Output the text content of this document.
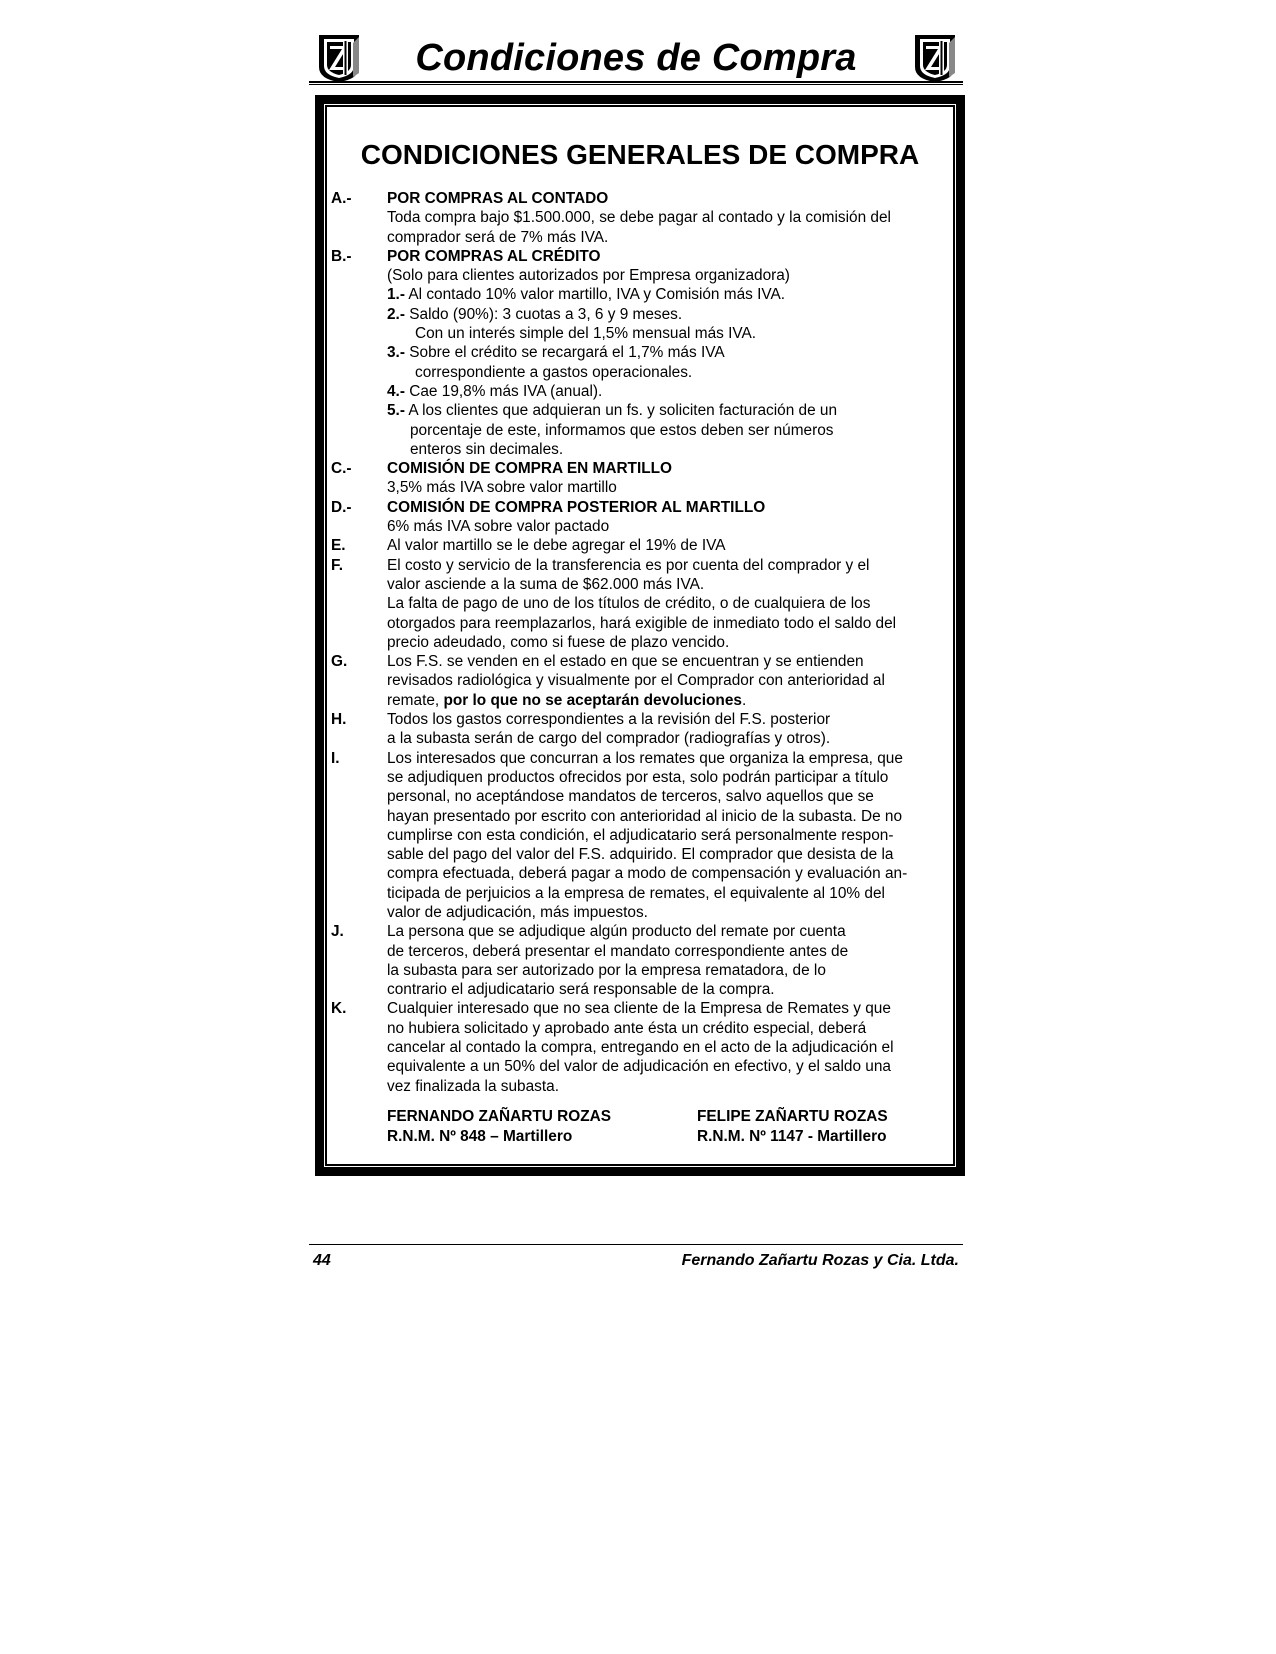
Condiciones de Compra
CONDICIONES GENERALES DE COMPRA
A.-	POR COMPRAS AL CONTADO
Toda compra bajo $1.500.000, se debe pagar al contado y la comisión del
comprador será de 7% más IVA.
B.-	POR COMPRAS AL CRÉDITO
(Solo para clientes autorizados por Empresa organizadora)
1.- Al contado 10% valor martillo, IVA y Comisión más IVA.
2.- Saldo (90%): 3 cuotas a 3, 6 y 9 meses.
Con un interés simple del 1,5% mensual más IVA.
3.- Sobre el crédito se recargará el 1,7% más IVA
correspondiente a gastos operacionales.
4.- Cae 19,8% más IVA (anual).
5.- A los clientes que adquieran un fs. y soliciten facturación de un
porcentaje de este, informamos que estos deben ser números
enteros sin decimales.
C.-	COMISIÓN DE COMPRA EN MARTILLO
3,5% más IVA sobre valor martillo
D.-	COMISIÓN DE COMPRA POSTERIOR AL MARTILLO
6% más IVA sobre valor pactado
E.	Al valor martillo se le debe agregar el 19% de IVA
F.	El costo y servicio de la transferencia es por cuenta del comprador y el
valor asciende a la suma de $62.000 más IVA.
La falta de pago de uno de los títulos de crédito, o de cualquiera de los
otorgados para reemplazarlos, hará exigible de inmediato todo el saldo del
precio adeudado, como si fuese de plazo vencido.
G.	Los F.S. se venden en el estado en que se encuentran y se entienden
revisados radiológica y visualmente por el Comprador con anterioridad al
remate, por lo que no se aceptarán devoluciones.
H.	Todos los gastos correspondientes a la revisión del F.S. posterior
a la subasta serán de cargo del comprador (radiografías y otros).
I.	Los interesados que concurran a los remates que organiza la empresa, que
se adjudiquen productos ofrecidos por esta, solo podrán participar a título
personal, no aceptándose mandatos de terceros, salvo aquellos que se
hayan presentado por escrito con anterioridad al inicio de la subasta. De no
cumplirse con esta condición, el adjudicatario será personalmente respon-
sable del pago del valor del F.S. adquirido. El comprador que desista de la
compra efectuada, deberá pagar a modo de compensación y evaluación an-
ticipada de perjuicios a la empresa de remates, el equivalente al 10% del
valor de adjudicación, más impuestos.
J.	La persona que se adjudique algún producto del remate por cuenta
de terceros, deberá presentar el mandato correspondiente antes de
la subasta para ser autorizado por la empresa rematadora, de lo
contrario el adjudicatario será responsable de la compra.
K.	Cualquier interesado que no sea cliente de la Empresa de Remates y que
no hubiera solicitado y aprobado ante ésta un crédito especial, deberá
cancelar al contado la compra, entregando en el acto de la adjudicación el
equivalente a un 50% del valor de adjudicación en efectivo, y el saldo una
vez finalizada la subasta.
FERNANDO ZAÑARTU ROZAS
R.N.M. Nº 848 – Martillero
FELIPE ZAÑARTU ROZAS
R.N.M. Nº 1147 - Martillero
44	Fernando Zañartu Rozas y Cia. Ltda.
